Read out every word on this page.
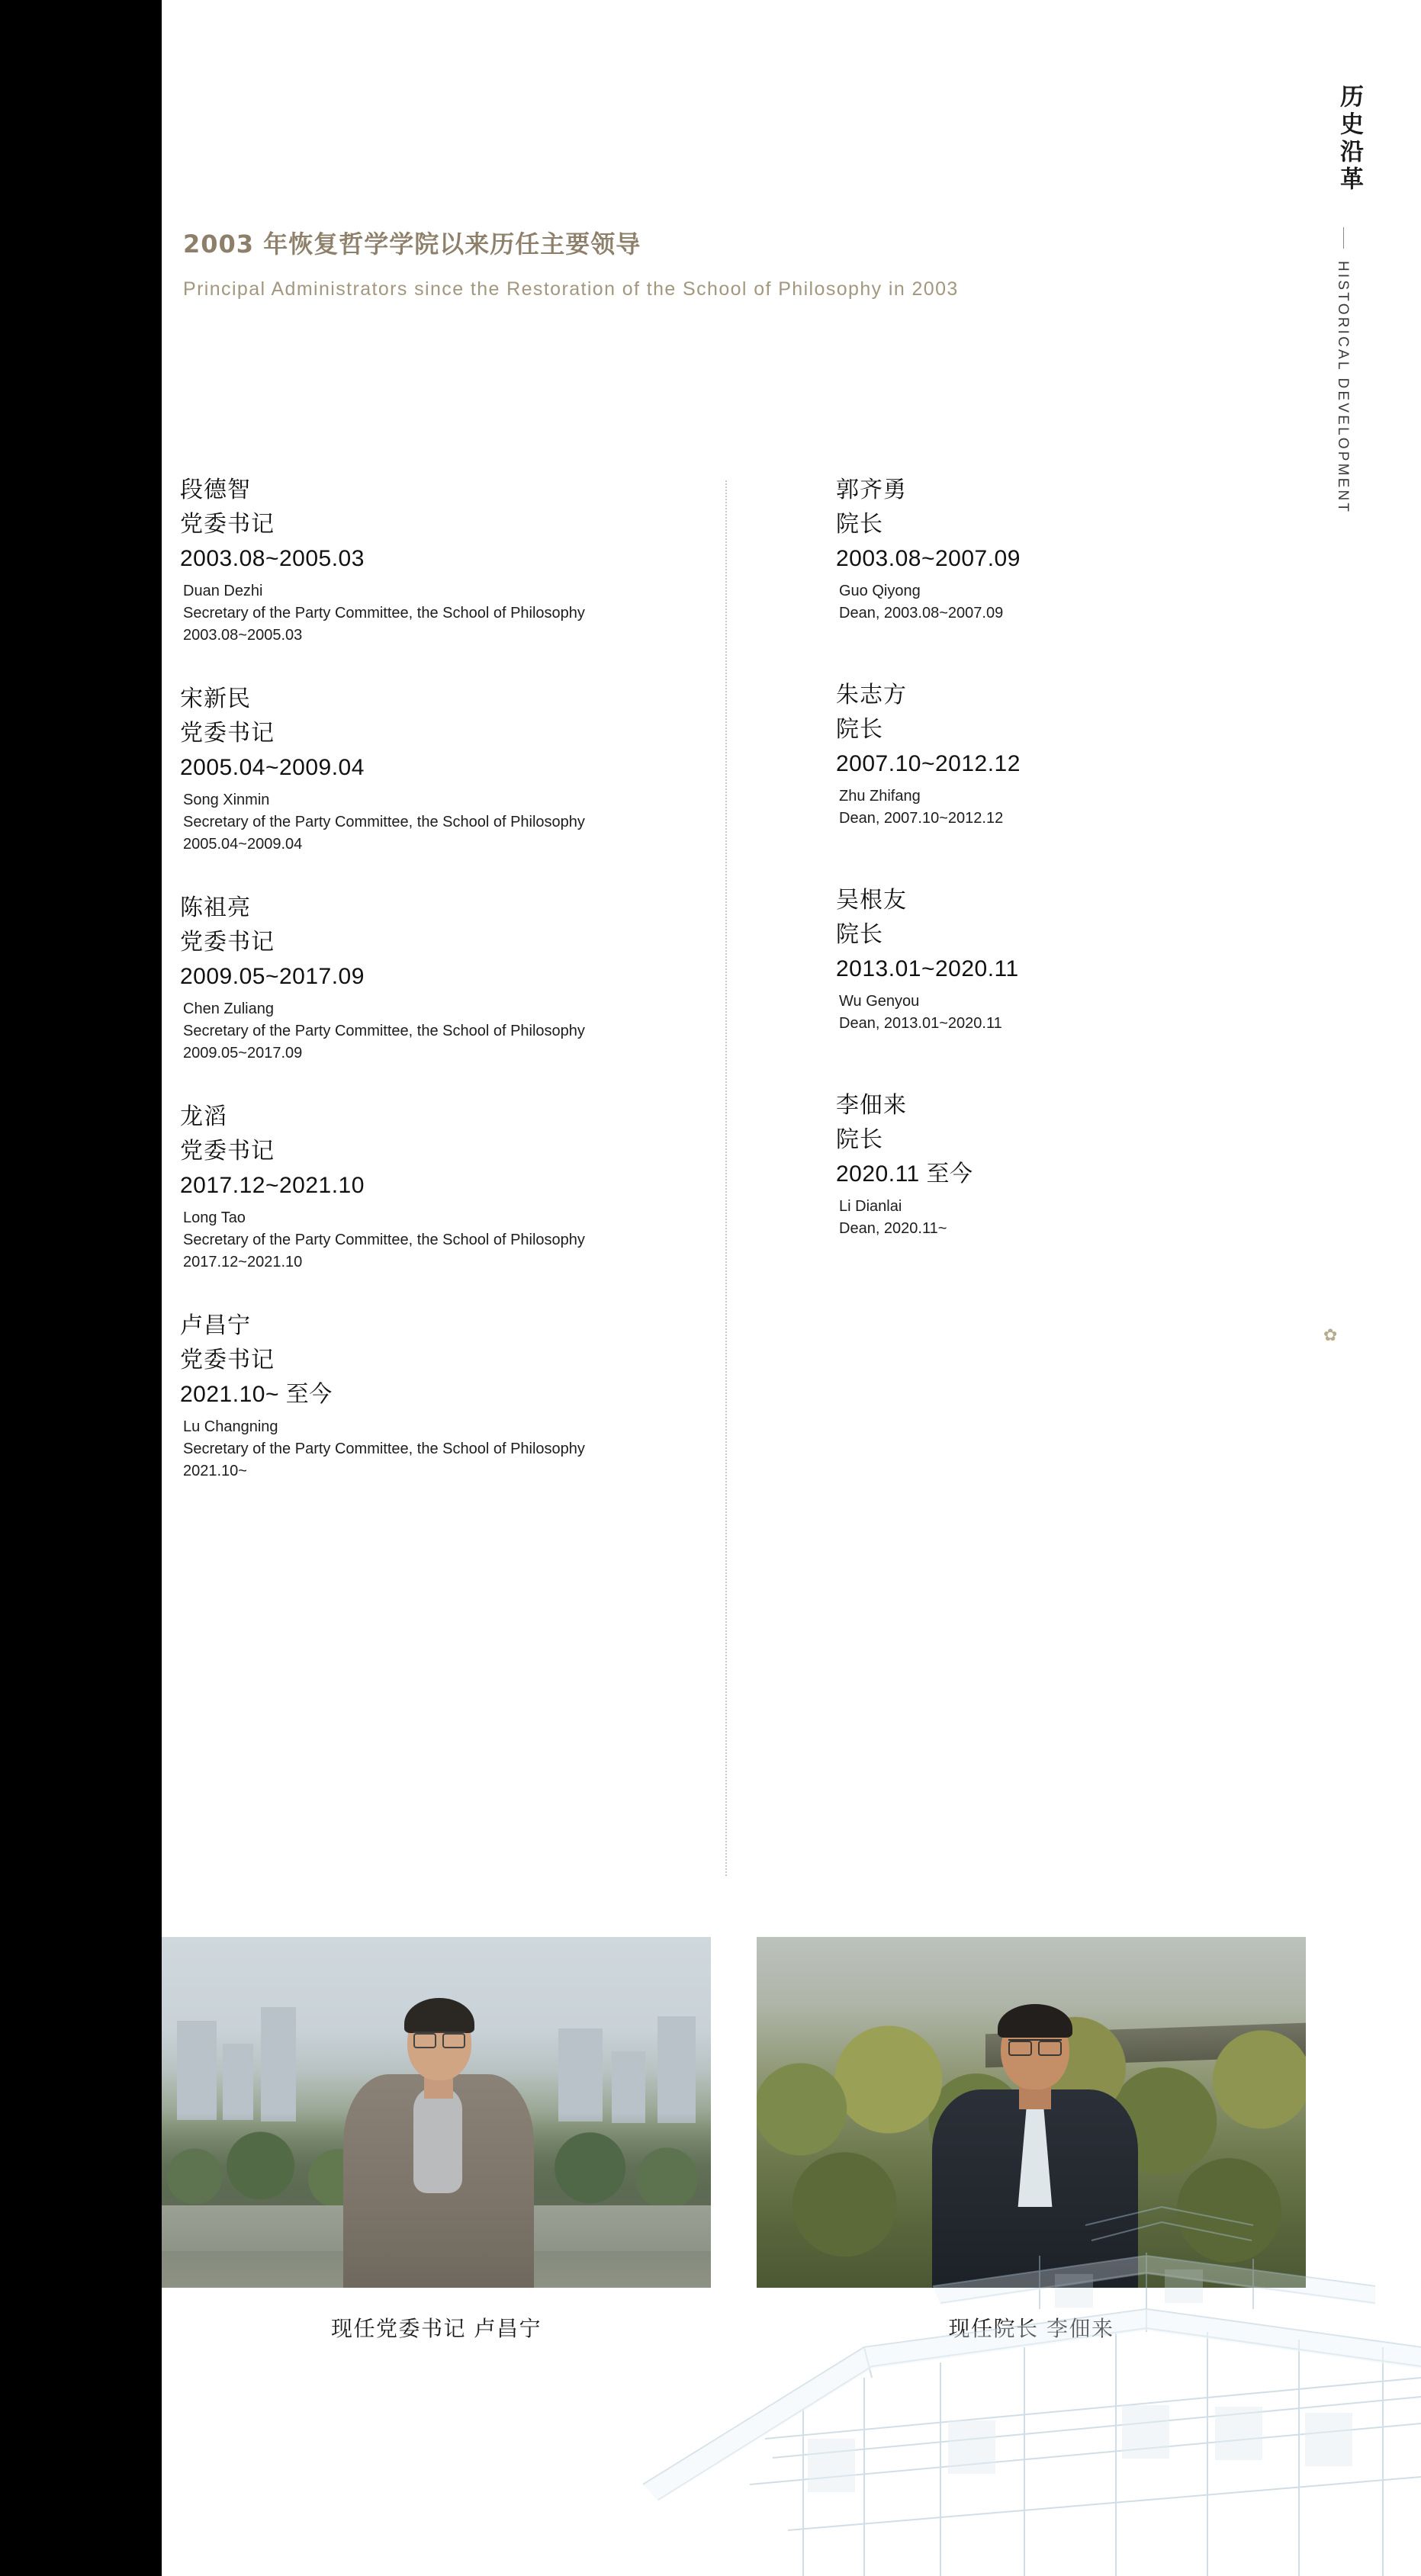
历史沿革
HISTORICAL DEVELOPMENT
2003 年恢复哲学学院以来历任主要领导
Principal Administrators since the Restoration of the School of Philosophy in 2003
段德智
党委书记
2003.08~2005.03
Duan Dezhi
Secretary of the Party Committee, the School of Philosophy
2003.08~2005.03
宋新民
党委书记
2005.04~2009.04
Song Xinmin
Secretary of the Party Committee, the School of Philosophy
2005.04~2009.04
陈祖亮
党委书记
2009.05~2017.09
Chen Zuliang
Secretary of the Party Committee, the School of Philosophy
2009.05~2017.09
龙滔
党委书记
2017.12~2021.10
Long Tao
Secretary of the Party Committee, the School of Philosophy
2017.12~2021.10
卢昌宁
党委书记
2021.10~ 至今
Lu Changning
Secretary of the Party Committee, the School of Philosophy
2021.10~
郭齐勇
院长
2003.08~2007.09
Guo Qiyong
Dean, 2003.08~2007.09
朱志方
院长
2007.10~2012.12
Zhu Zhifang
Dean, 2007.10~2012.12
吴根友
院长
2013.01~2020.11
Wu Genyou
Dean, 2013.01~2020.11
李佃来
院长
2020.11 至今
Li Dianlai
Dean, 2020.11~
✿
现任党委书记 卢昌宁	现任院长 李佃来
